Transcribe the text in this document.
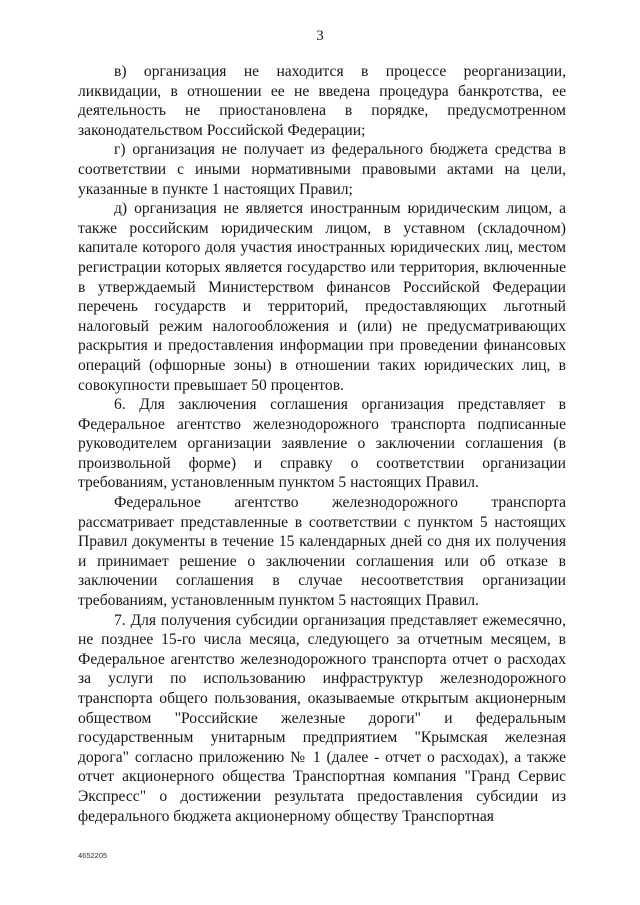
3

в) организация не находится в процессе реорганизации, ликвидации, в отношении ее не введена процедура банкротства, ее деятельность не приостановлена в порядке, предусмотренном законодательством Российской Федерации;

г) организация не получает из федерального бюджета средства в соответствии с иными нормативными правовыми актами на цели, указанные в пункте 1 настоящих Правил;

д) организация не является иностранным юридическим лицом, а также российским юридическим лицом, в уставном (складочном) капитале которого доля участия иностранных юридических лиц, местом регистрации которых является государство или территория, включенные в утверждаемый Министерством финансов Российской Федерации перечень государств и территорий, предоставляющих льготный налоговый режим налогообложения и (или) не предусматривающих раскрытия и предоставления информации при проведении финансовых операций (офшорные зоны) в отношении таких юридических лиц, в совокупности превышает 50 процентов.

6. Для заключения соглашения организация представляет в Федеральное агентство железнодорожного транспорта подписанные руководителем организации заявление о заключении соглашения (в произвольной форме) и справку о соответствии организации требованиям, установленным пунктом 5 настоящих Правил.

Федеральное агентство железнодорожного транспорта рассматривает представленные в соответствии с пунктом 5 настоящих Правил документы в течение 15 календарных дней со дня их получения и принимает решение о заключении соглашения или об отказе в заключении соглашения в случае несоответствия организации требованиям, установленным пунктом 5 настоящих Правил.

7. Для получения субсидии организация представляет ежемесячно, не позднее 15-го числа месяца, следующего за отчетным месяцем, в Федеральное агентство железнодорожного транспорта отчет о расходах за услуги по использованию инфраструктур железнодорожного транспорта общего пользования, оказываемые открытым акционерным обществом "Российские железные дороги" и федеральным государственным унитарным предприятием "Крымская железная дорога" согласно приложению № 1 (далее - отчет о расходах), а также отчет акционерного общества Транспортная компания "Гранд Сервис Экспресс" о достижении результата предоставления субсидии из федерального бюджета акционерному обществу Транспортная

4652205
